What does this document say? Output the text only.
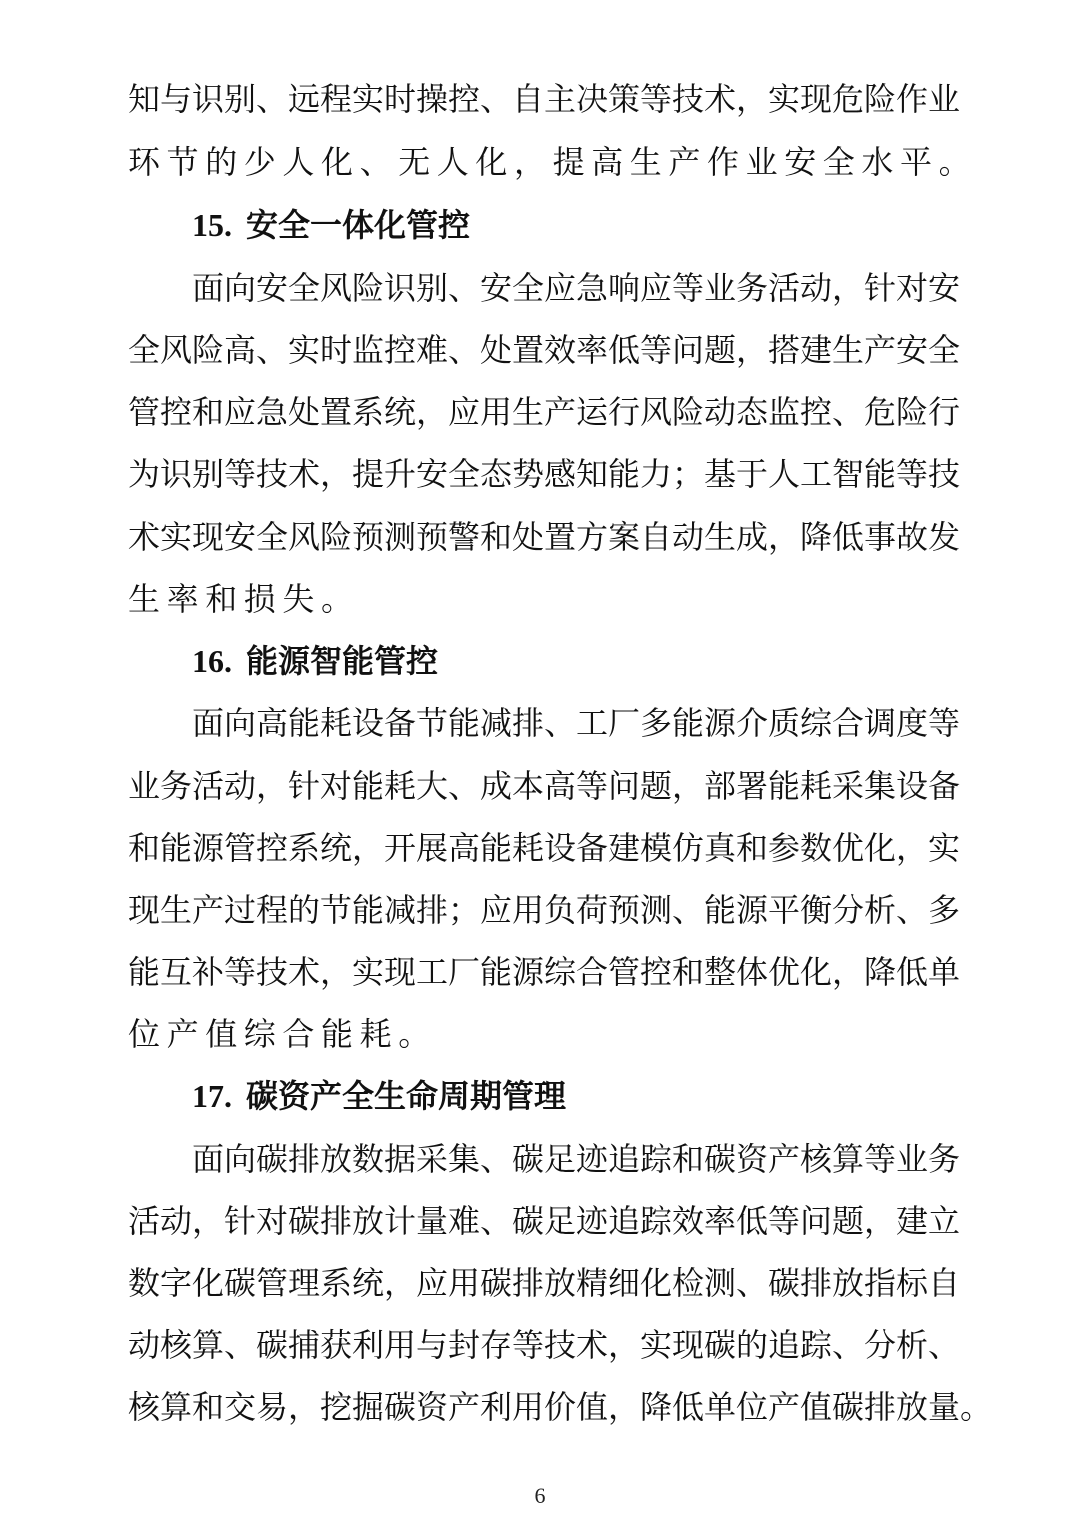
知与识别、远程实时操控、自主决策等技术，实现危险作业
环节的少人化、无人化，提高生产作业安全水平。
15. 安全一体化管控
面向安全风险识别、安全应急响应等业务活动，针对安
全风险高、实时监控难、处置效率低等问题，搭建生产安全
管控和应急处置系统，应用生产运行风险动态监控、危险行
为识别等技术，提升安全态势感知能力；基于人工智能等技
术实现安全风险预测预警和处置方案自动生成，降低事故发
生率和损失。
16. 能源智能管控
面向高能耗设备节能减排、工厂多能源介质综合调度等
业务活动，针对能耗大、成本高等问题，部署能耗采集设备
和能源管控系统，开展高能耗设备建模仿真和参数优化，实
现生产过程的节能减排；应用负荷预测、能源平衡分析、多
能互补等技术，实现工厂能源综合管控和整体优化，降低单
位产值综合能耗。
17. 碳资产全生命周期管理
面向碳排放数据采集、碳足迹追踪和碳资产核算等业务
活动，针对碳排放计量难、碳足迹追踪效率低等问题，建立
数字化碳管理系统，应用碳排放精细化检测、碳排放指标自
动核算、碳捕获利用与封存等技术，实现碳的追踪、分析、
核算和交易，挖掘碳资产利用价值，降低单位产值碳排放量。
6
